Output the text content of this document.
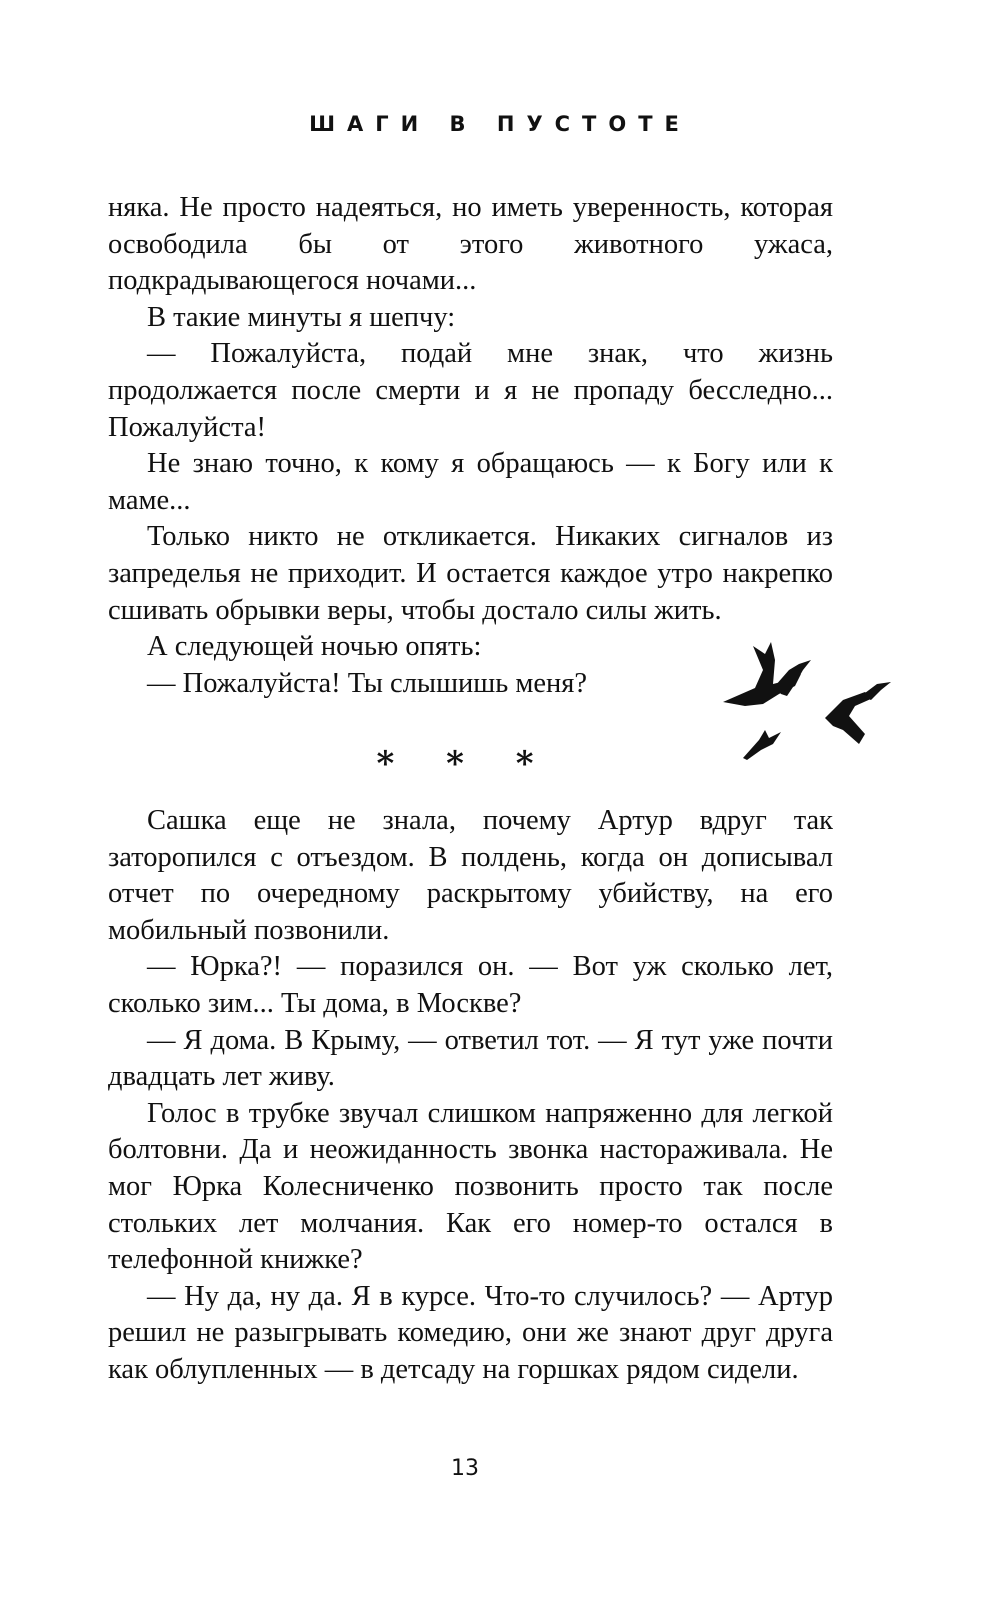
ШАГИ В ПУСТОТЕ

няка. Не просто надеяться, но иметь уверенность, которая освободила бы от этого животного ужаса, подкрадывающегося ночами...

В такие минуты я шепчу:

— Пожалуйста, подай мне знак, что жизнь продолжается после смерти и я не пропаду бесследно... Пожалуйста!

Не знаю точно, к кому я обращаюсь — к Богу или к маме...

Только никто не откликается. Никаких сигналов из запределья не приходит. И остается каждое утро накрепко сшивать обрывки веры, чтобы достало силы жить.

А следующей ночью опять:

— Пожалуйста! Ты слышишь меня?

* * *

Сашка еще не знала, почему Артур вдруг так заторопился с отъездом. В полдень, когда он дописывал отчет по очередному раскрытому убийству, на его мобильный позвонили.

— Юрка?! — поразился он. — Вот уж сколько лет, сколько зим... Ты дома, в Москве?

— Я дома. В Крыму, — ответил тот. — Я тут уже почти двадцать лет живу.

Голос в трубке звучал слишком напряженно для легкой болтовни. Да и неожиданность звонка настораживала. Не мог Юрка Колесниченко позвонить просто так после стольких лет молчания. Как его номер-то остался в телефонной книжке?

— Ну да, ну да. Я в курсе. Что-то случилось? — Артур решил не разыгрывать комедию, они же знают друг друга как облупленных — в детсаду на горшках рядом сидели.

13
